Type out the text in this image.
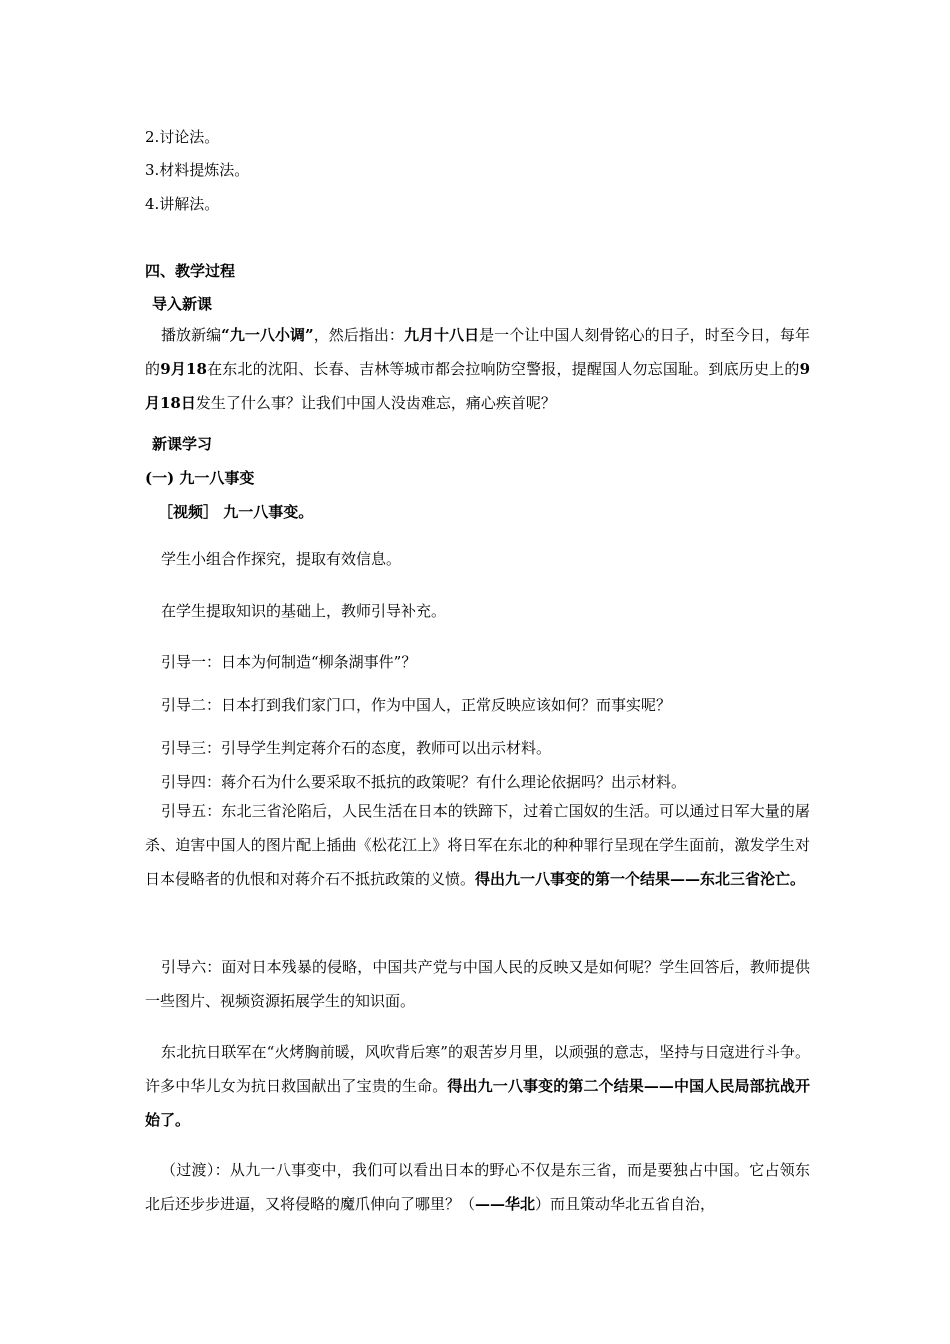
2.讨论法。
3.材料提炼法。
4.讲解法。
四、教学过程
导入新课
播放新编“九一八小调”，然后指出：九月十八日是一个让中国人刻骨铭心的日子，时至今日，每年的9月18在东北的沈阳、长春、吉林等城市都会拉响防空警报，提醒国人勿忘国耻。到底历史上的9月18日发生了什么事？让我们中国人没齿难忘，痛心疾首呢？
新课学习
(一) 九一八事变
［视频］ 九一八事变。
学生小组合作探究，提取有效信息。
在学生提取知识的基础上，教师引导补充。
引导一：日本为何制造“柳条湖事件”？
引导二：日本打到我们家门口，作为中国人，正常反映应该如何？而事实呢？
引导三：引导学生判定蒋介石的态度，教师可以出示材料。
引导四：蒋介石为什么要采取不抵抗的政策呢？有什么理论依据吗？出示材料。
引导五：东北三省沦陷后，人民生活在日本的铁蹄下，过着亡国奴的生活。可以通过日军大量的屠杀、迫害中国人的图片配上插曲《松花江上》将日军在东北的种种罪行呈现在学生面前，激发学生对日本侵略者的仇恨和对蒋介石不抵抗政策的义愤。得出九一八事变的第一个结果——东北三省沦亡。
引导六：面对日本残暴的侵略，中国共产党与中国人民的反映又是如何呢？学生回答后，教师提供一些图片、视频资源拓展学生的知识面。
东北抗日联军在“火烤胸前暖，风吹背后寒”的艰苦岁月里，以顽强的意志，坚持与日寇进行斗争。许多中华儿女为抗日救国献出了宝贵的生命。得出九一八事变的第二个结果——中国人民局部抗战开始了。
（过渡）：从九一八事变中，我们可以看出日本的野心不仅是东三省，而是要独占中国。它占领东北后还步步进逼，又将侵略的魔爪伸向了哪里？（——华北）而且策动华北五省自治，
